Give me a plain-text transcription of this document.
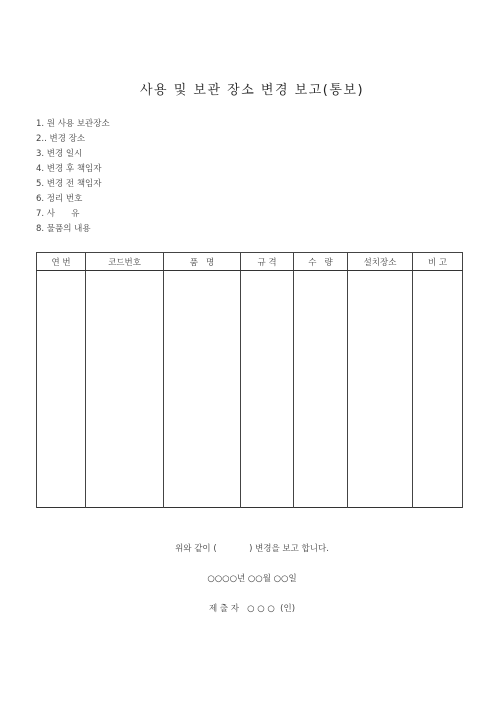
사용 및 보관 장소 변경 보고(통보)
1. 원 사용 보관장소
2.. 변경 장소
3. 변경 일시
4. 변경 후 책임자
5. 변경 전 책임자
6. 정리 번호
7. 사      유
8. 물품의 내용
연 번	코드번호	품   명	규 격	수   량	설치장소	비 고

위와 같이 (            ) 변경을 보고 합니다.
○○○○년 ○○월 ○○일
제 출 자   ○ ○ ○  (인)
